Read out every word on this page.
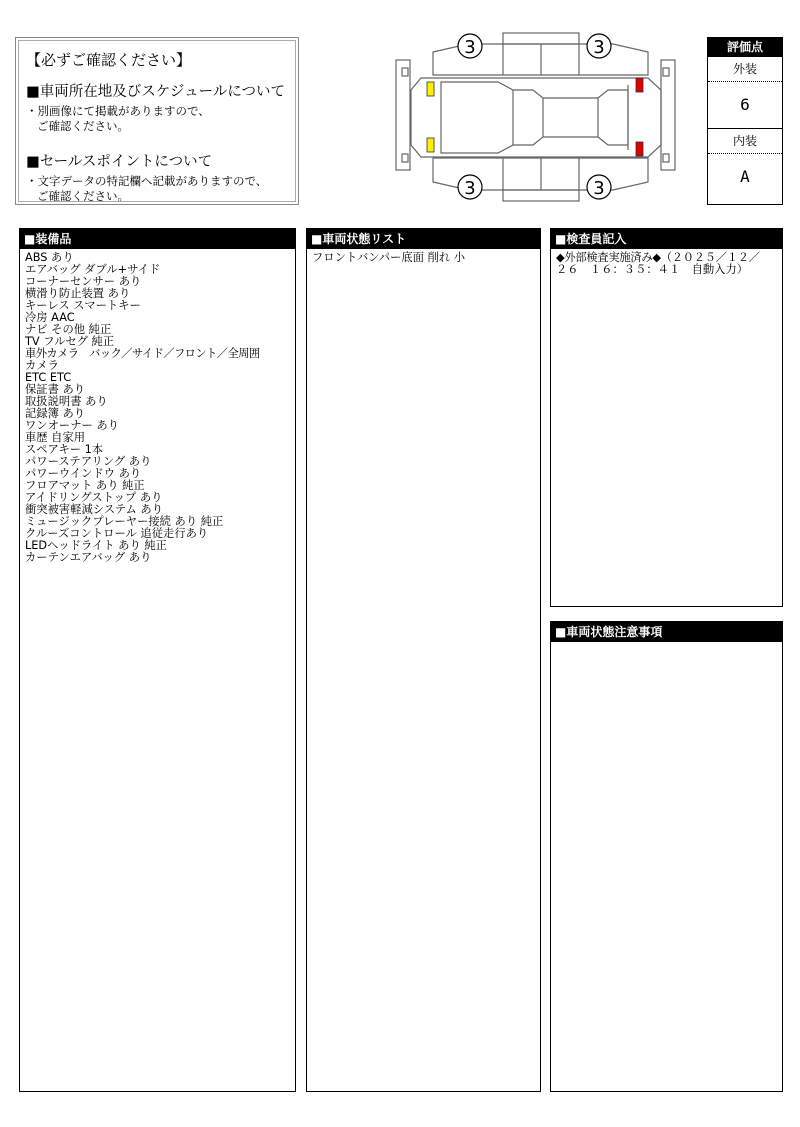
【必ずご確認ください】
■車両所在地及びスケジュールについて
・別画像にて掲載がありますので、
ご確認ください。
■セールスポイントについて
・文字データの特記欄へ記載がありますので、
ご確認ください。
3	3
3	3
評価点
外装
6
内装
A
■装備品
ABS あり
エアバッグ ダブル+サイド
コーナーセンサー あり
横滑り防止装置 あり
キーレス スマートキー
冷房 AAC
ナビ その他 純正
TV フルセグ 純正
車外カメラ　バック／サイド／フロント／全周囲
カメラ
ETC ETC
保証書 あり
取扱説明書 あり
記録簿 あり
ワンオーナー あり
車歴 自家用
スペアキー 1本
パワーステアリング あり
パワーウインドウ あり
フロアマット あり 純正
アイドリングストップ あり
衝突被害軽減システム あり
ミュージックプレーヤー接続 あり 純正
クルーズコントロール 追従走行あり
LEDヘッドライト あり 純正
カーテンエアバッグ あり
■車両状態リスト
フロントバンパー底面 削れ 小
■検査員記入
◆外部検査実施済み◆（２０２５／１２／
２６　１６：３５：４１　自動入力）
■車両状態注意事項
